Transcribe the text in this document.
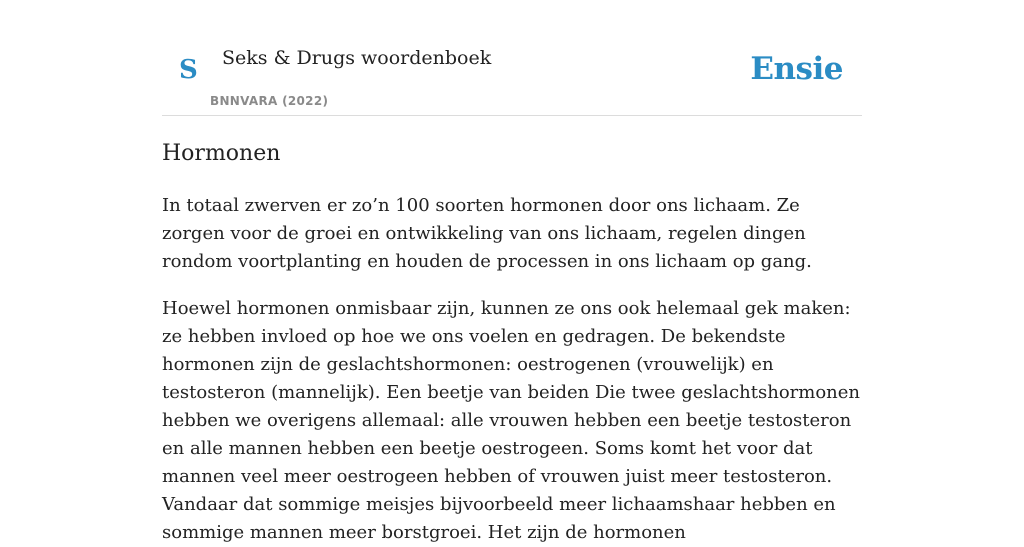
S Seks & Drugs woordenboek
BNNVARA (2022)
Ensie
Hormonen

In totaal zwerven er zo’n 100 soorten hormonen door ons lichaam. Ze zorgen voor de groei en ontwikkeling van ons lichaam, regelen dingen rondom voortplanting en houden de processen in ons lichaam op gang.

Hoewel hormonen onmisbaar zijn, kunnen ze ons ook helemaal gek maken: ze hebben invloed op hoe we ons voelen en gedragen. De bekendste hormonen zijn de geslachtshormonen: oestrogenen (vrouwelijk) en testosteron (mannelijk). Een beetje van beiden Die twee geslachtshormonen hebben we overigens allemaal: alle vrouwen hebben een beetje testosteron en alle mannen hebben een beetje oestrogeen. Soms komt het voor dat mannen veel meer oestrogeen hebben of vrouwen juist meer testosteron. Vandaar dat sommige meisjes bijvoorbeeld meer lichaamshaar hebben en sommige mannen meer borstgroei. Het zijn de hormonen
